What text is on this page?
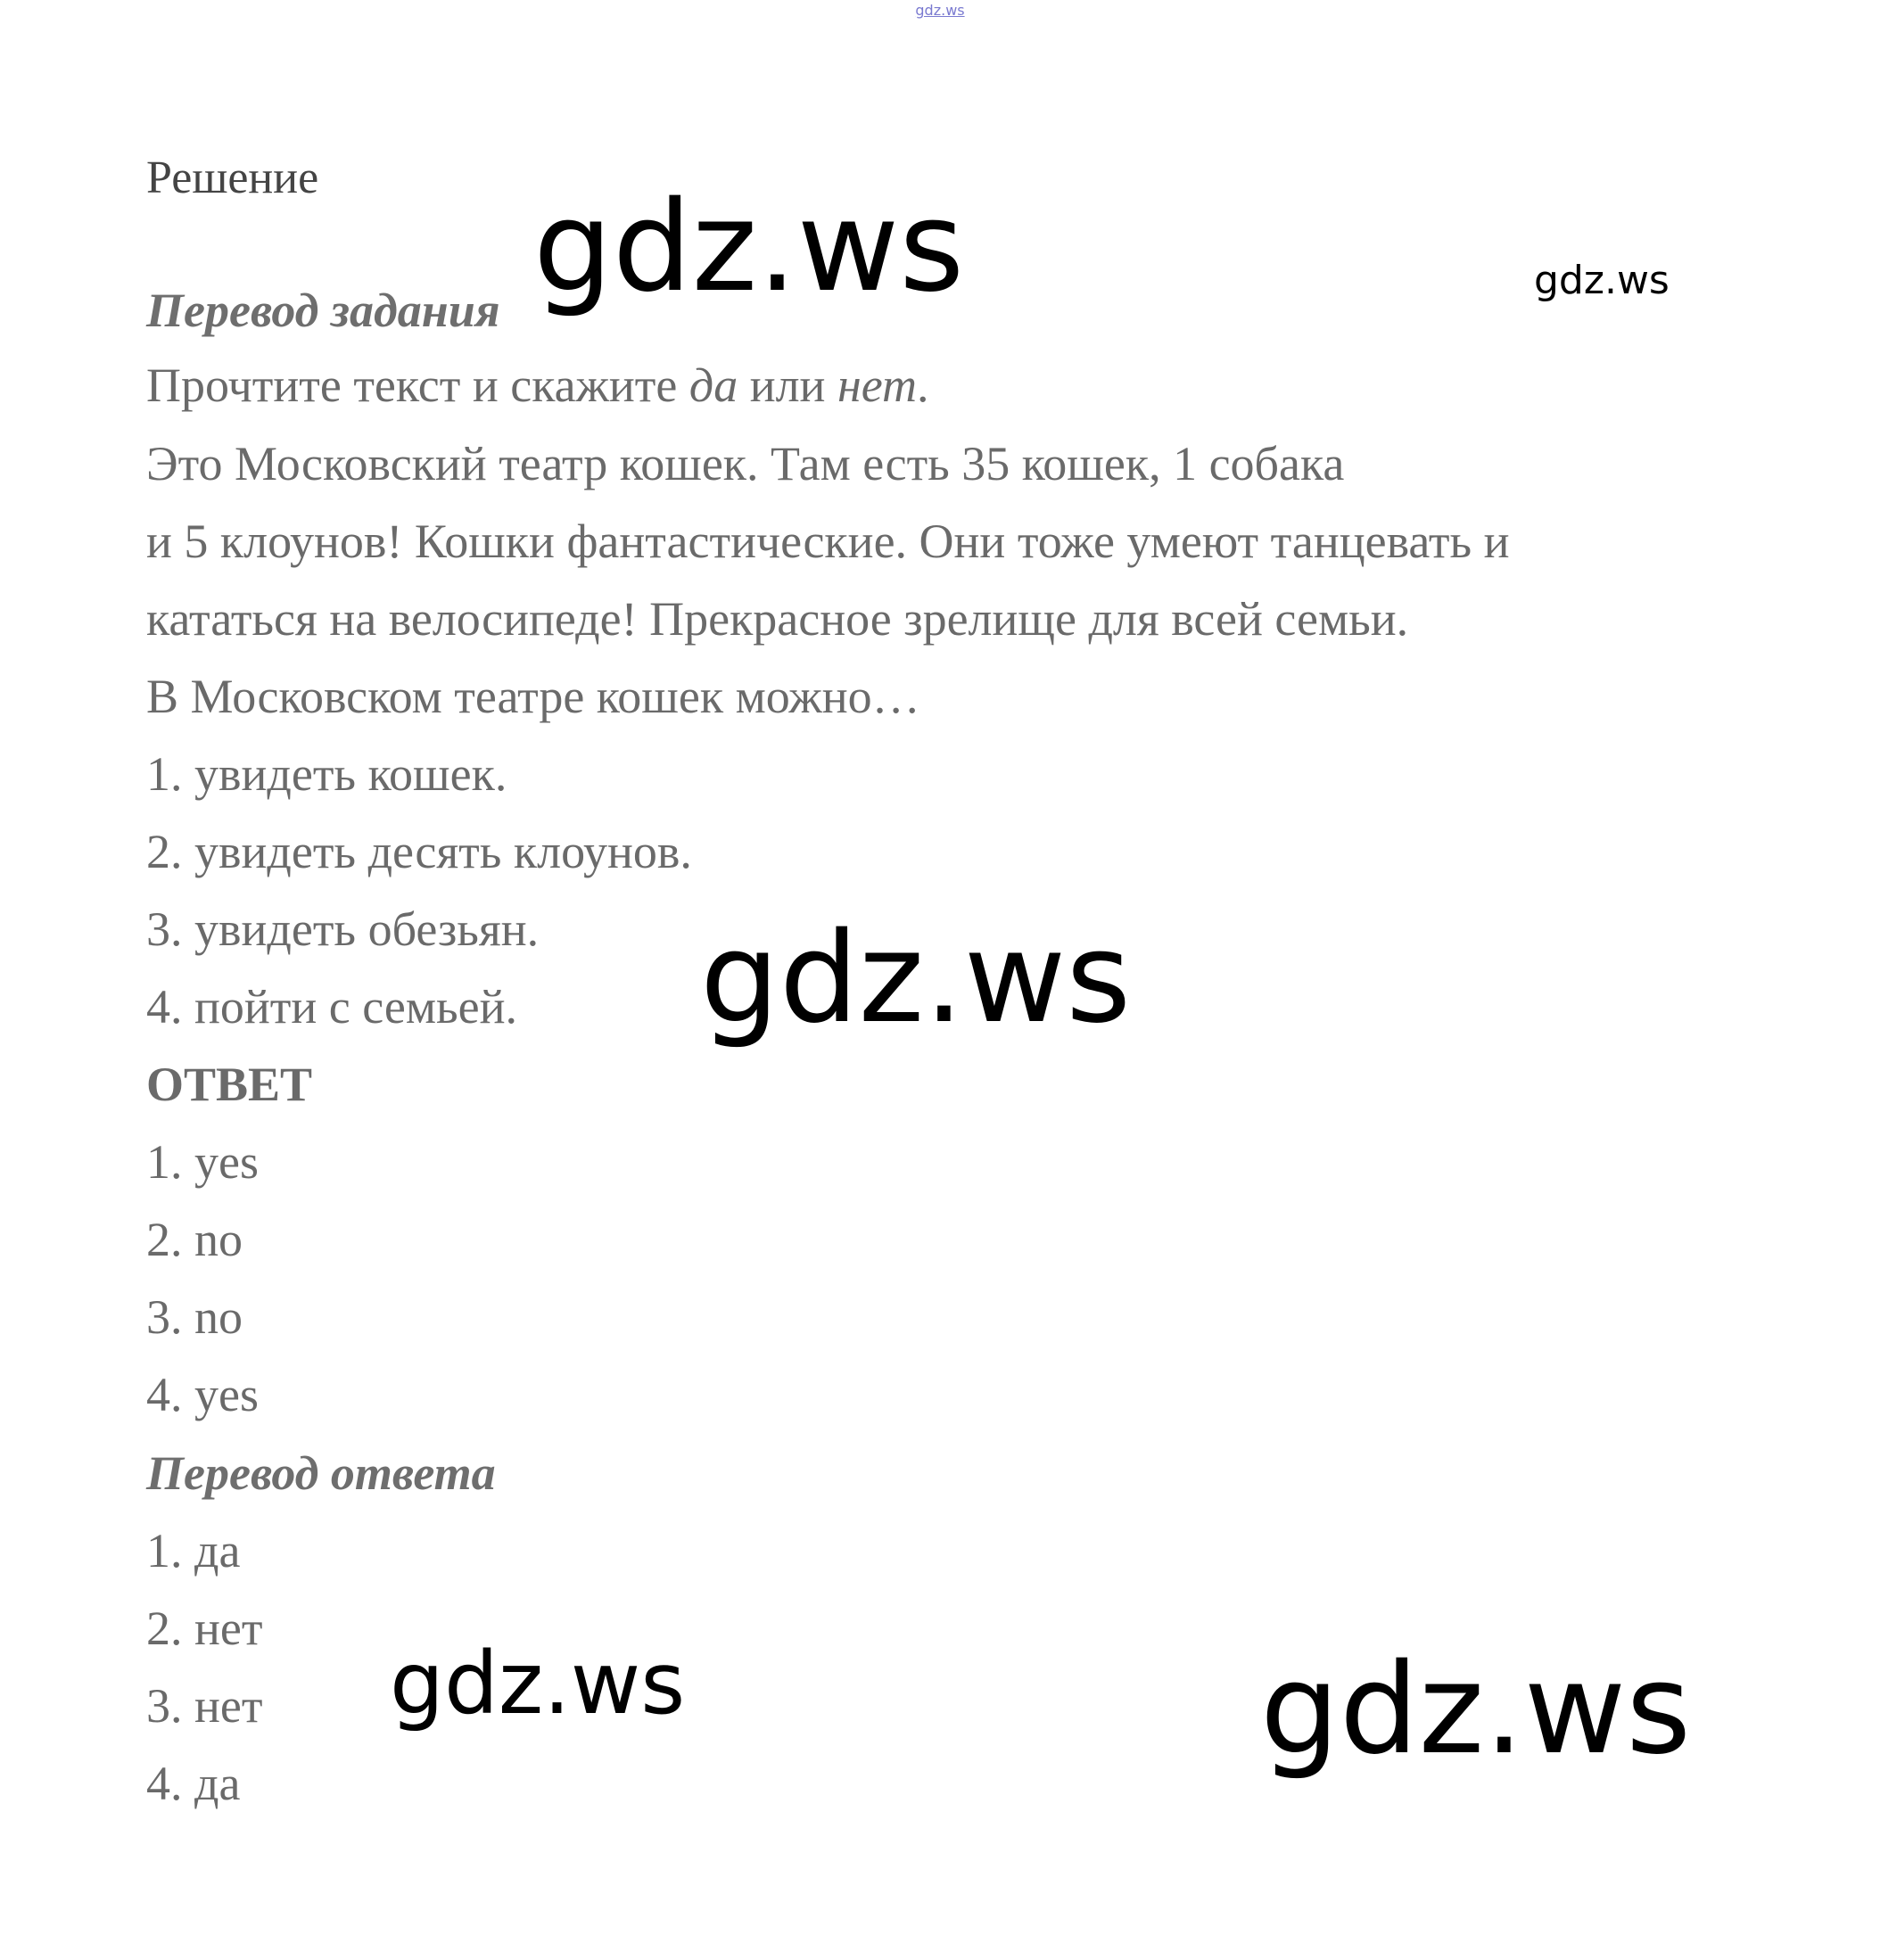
gdz.ws
Решение
Перевод задания
Прочтите текст и скажите да или нет.
Это Московский театр кошек. Там есть 35 кошек, 1 собака
и 5 клоунов! Кошки фантастические. Они тоже умеют танцевать и
кататься на велосипеде! Прекрасное зрелище для всей семьи.
В Московском театре кошек можно…
1. увидеть кошек.
2. увидеть десять клоунов.
3. увидеть обезьян.
4. пойти с семьей.
ОТВЕТ
1. yes
2. no
3. no
4. yes
Перевод ответа
1. да
2. нет
3. нет
4. да
gdz.ws	gdz.ws
gdz.ws
gdz.ws	gdz.ws
